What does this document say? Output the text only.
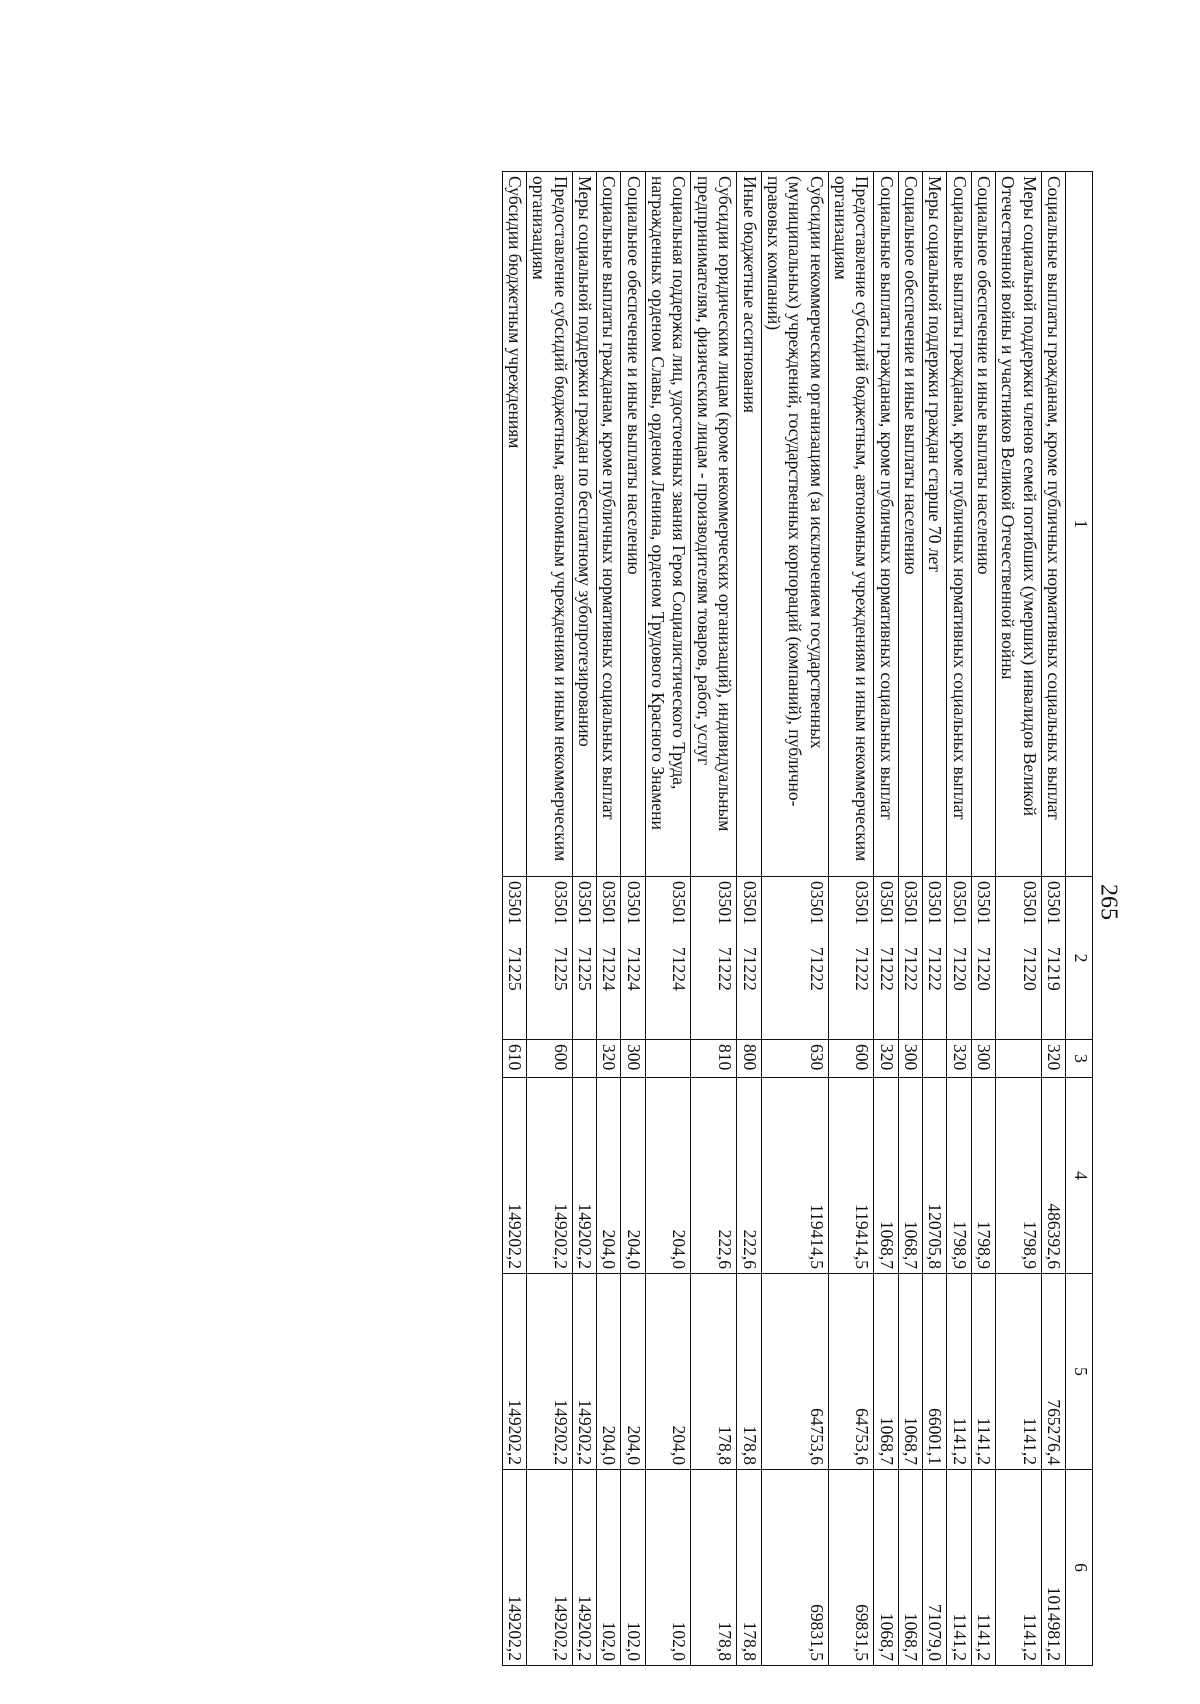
265
1	2	3	4	5	6
Социальные выплаты гражданам, кроме публичных нормативных социальных выплат	0350171219	320	486392,6	765276,4	1014981,2
Меры социальной поддержки членов семей погибших (умерших) инвалидов Великой Отечественной войны и участников Великой Отечественной войны	0350171220		1798,9	1141,2	1141,2
Социальное обеспечение и иные выплаты населению	0350171220	300	1798,9	1141,2	1141,2
Социальные выплаты гражданам, кроме публичных нормативных социальных выплат	0350171220	320	1798,9	1141,2	1141,2
Меры социальной поддержки граждан старше 70 лет	0350171222		120705,8	66001,1	71079,0
Социальное обеспечение и иные выплаты населению	0350171222	300	1068,7	1068,7	1068,7
Социальные выплаты гражданам, кроме публичных нормативных социальных выплат	0350171222	320	1068,7	1068,7	1068,7
Предоставление субсидий бюджетным, автономным учреждениям и иным некоммерческим организациям	0350171222	600	119414,5	64753,6	69831,5
Субсидии некоммерческим организациям (за исключением государственных (муниципальных) учреждений, государственных корпораций (компаний), публично-правовых компаний)	0350171222	630	119414,5	64753,6	69831,5
Иные бюджетные ассигнования	0350171222	800	222,6	178,8	178,8
Субсидии юридическим лицам (кроме некоммерческих организаций), индивидуальным предпринимателям, физическим лицам - производителям товаров, работ, услуг	0350171222	810	222,6	178,8	178,8
Социальная поддержка лиц, удостоенных звания Героя Социалистического Труда, награжденных орденом Славы, орденом Ленина, орденом Трудового Красного Знамени	0350171224		204,0	204,0	102,0
Социальное обеспечение и иные выплаты населению	0350171224	300	204,0	204,0	102,0
Социальные выплаты гражданам, кроме публичных нормативных социальных выплат	0350171224	320	204,0	204,0	102,0
Меры социальной поддержки граждан по бесплатному зубопротезированию	0350171225		149202,2	149202,2	149202,2
Предоставление субсидий бюджетным, автономным учреждениям и иным некоммерческим организациям	0350171225	600	149202,2	149202,2	149202,2
Субсидии бюджетным учреждениям	0350171225	610	149202,2	149202,2	149202,2
